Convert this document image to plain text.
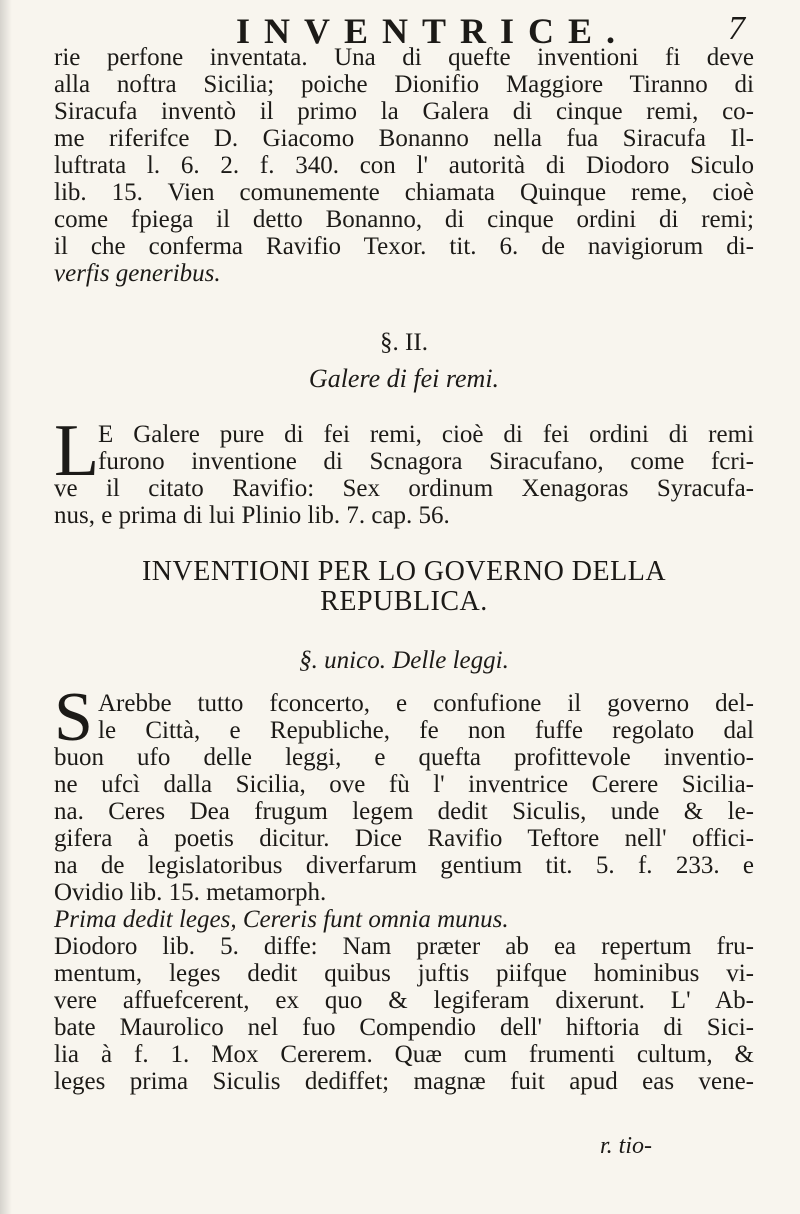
INVENTRICE.	7
rie perfone inventata. Una di quefte inventioni fi deve
alla noftra Sicilia; poiche Dionifio Maggiore Tiranno di
Siracufa inventò il primo la Galera di cinque remi, co-
me riferifce D. Giacomo Bonanno nella fua Siracufa Il-
luftrata l. 6. 2. f. 340. con l' autorità di Diodoro Siculo
lib. 15. Vien comunemente chiamata Quinque reme, cioè
come fpiega il detto Bonanno, di cinque ordini di remi;
il che conferma Ravifio Texor. tit. 6. de navigiorum di-
verfis generibus.
§. II.
Galere di fei remi.
L
E Galere pure di fei remi, cioè di fei ordini di remi
furono inventione di Scnagora Siracufano, come fcri-
ve il citato Ravifio: Sex ordinum Xenagoras Syracufa-
nus, e prima di lui Plinio lib. 7. cap. 56.
INVENTIONI PER LO GOVERNO DELLA
REPUBLICA.
§. unico. Delle leggi.
S Arebbe tutto fconcerto, e confufione il governo del-
le Città, e Republiche, fe non fuffe regolato dal
buon ufo delle leggi, e quefta profittevole inventio-
ne ufcì dalla Sicilia, ove fù l' inventrice Cerere Sicilia-
na. Ceres Dea frugum legem dedit Siculis, unde & le-
gifera à poetis dicitur. Dice Ravifio Teftore nell' offici-
na de legislatoribus diverfarum gentium tit. 5. f. 233. e
Ovidio lib. 15. metamorph.
Prima dedit leges, Cereris funt omnia munus.
Diodoro lib. 5. diffe: Nam præter ab ea repertum fru-
mentum, leges dedit quibus juftis piifque hominibus vi-
vere affuefcerent, ex quo & legiferam dixerunt. L' Ab-
bate Maurolico nel fuo Compendio dell' hiftoria di Sici-
lia à f. 1. Mox Cererem. Quæ cum frumenti cultum, &
leges prima Siculis dediffet; magnæ fuit apud eas vene-
r. tio-
